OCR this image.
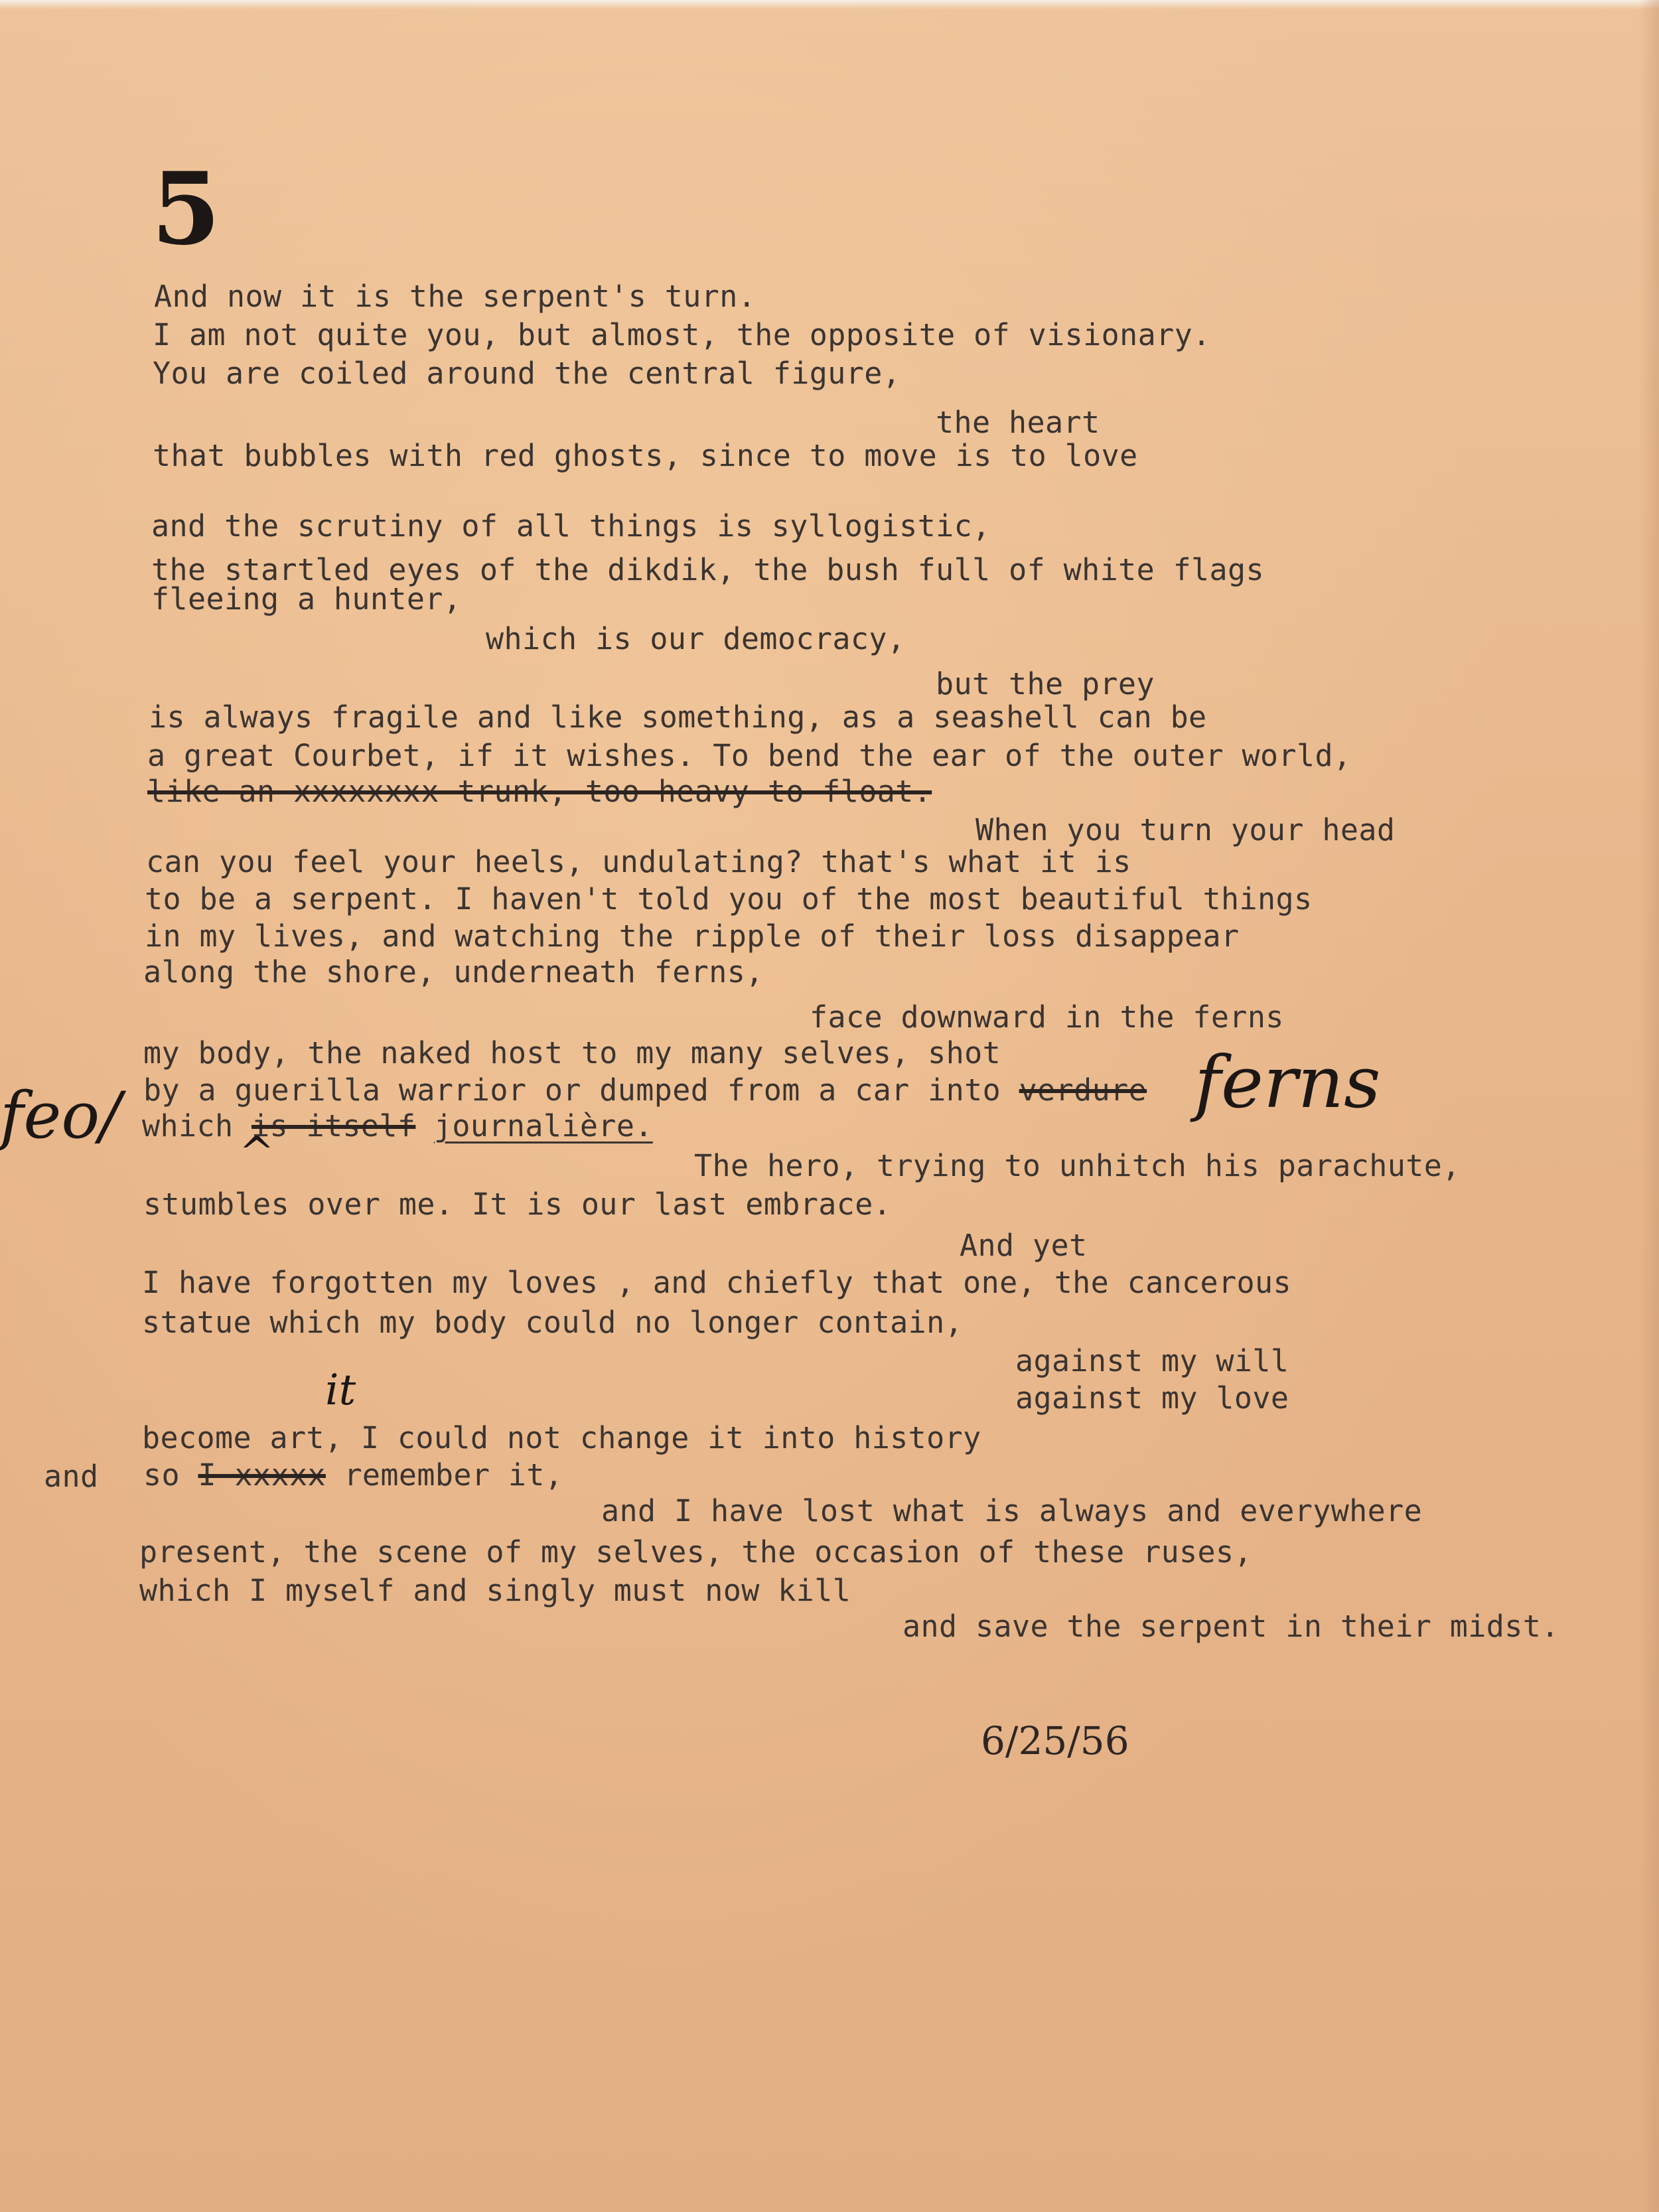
5
And now it is the serpent's turn.
I am not quite you, but almost, the opposite of visionary.
You are coiled around the central figure,
the heart
that bubbles with red ghosts, since to move is to love
and the scrutiny of all things is syllogistic,
the startled eyes of the dikdik, the bush full of white flags
fleeing a hunter,
which is our democracy,
but the prey
is always fragile and like something, as a seashell can be
a great Courbet, if it wishes. To bend the ear of the outer world,
like an xxxxxxxx trunk, too heavy to float.
When you turn your head
can you feel your heels, undulating? that's what it is
to be a serpent. I haven't told you of the most beautiful things
in my lives, and watching the ripple of their loss disappear
along the shore, underneath ferns,
face downward in the ferns
my body, the naked host to my many selves, shot
by a guerilla warrior or dumped from a car into verdure
which is itself journalière.
The hero, trying to unhitch his parachute,
stumbles over me. It is our last embrace.
And yet
I have forgotten my loves , and chiefly that one, the cancerous
statue which my body could no longer contain,
against my will
against my love
become art, I could not change it into history
and so I xxxxx remember it,
and I have lost what is always and everywhere
present, the scene of my selves, the occasion of these ruses,
which I myself and singly must now kill
and save the serpent in their midst.
ferns
feo/
it
^
6/25/56
